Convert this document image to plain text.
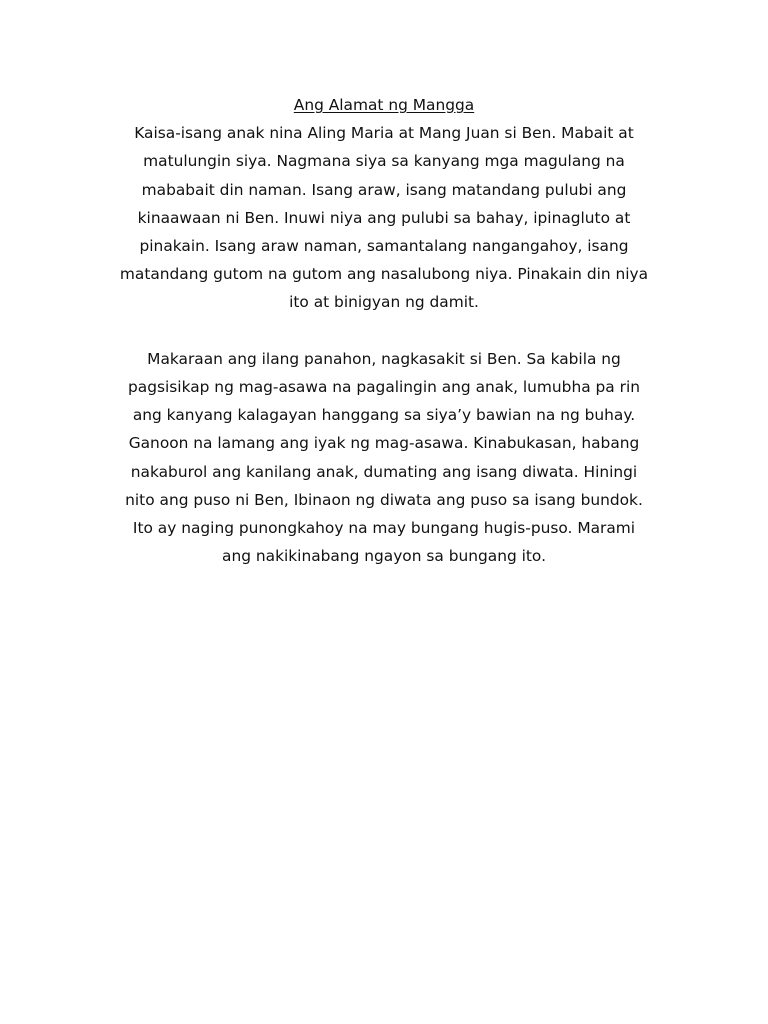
Ang Alamat ng Mangga
Kaisa-isang anak nina Aling Maria at Mang Juan si Ben. Mabait at
matulungin siya. Nagmana siya sa kanyang mga magulang na
mababait din naman. Isang araw, isang matandang pulubi ang
kinaawaan ni Ben. Inuwi niya ang pulubi sa bahay, ipinagluto at
pinakain. Isang araw naman, samantalang nangangahoy, isang
matandang gutom na gutom ang nasalubong niya. Pinakain din niya
ito at binigyan ng damit.
Makaraan ang ilang panahon, nagkasakit si Ben. Sa kabila ng
pagsisikap ng mag-asawa na pagalingin ang anak, lumubha pa rin
ang kanyang kalagayan hanggang sa siya’y bawian na ng buhay.
Ganoon na lamang ang iyak ng mag-asawa. Kinabukasan, habang
nakaburol ang kanilang anak, dumating ang isang diwata. Hiningi
nito ang puso ni Ben, Ibinaon ng diwata ang puso sa isang bundok.
Ito ay naging punongkahoy na may bungang hugis-puso. Marami
ang nakikinabang ngayon sa bungang ito.
